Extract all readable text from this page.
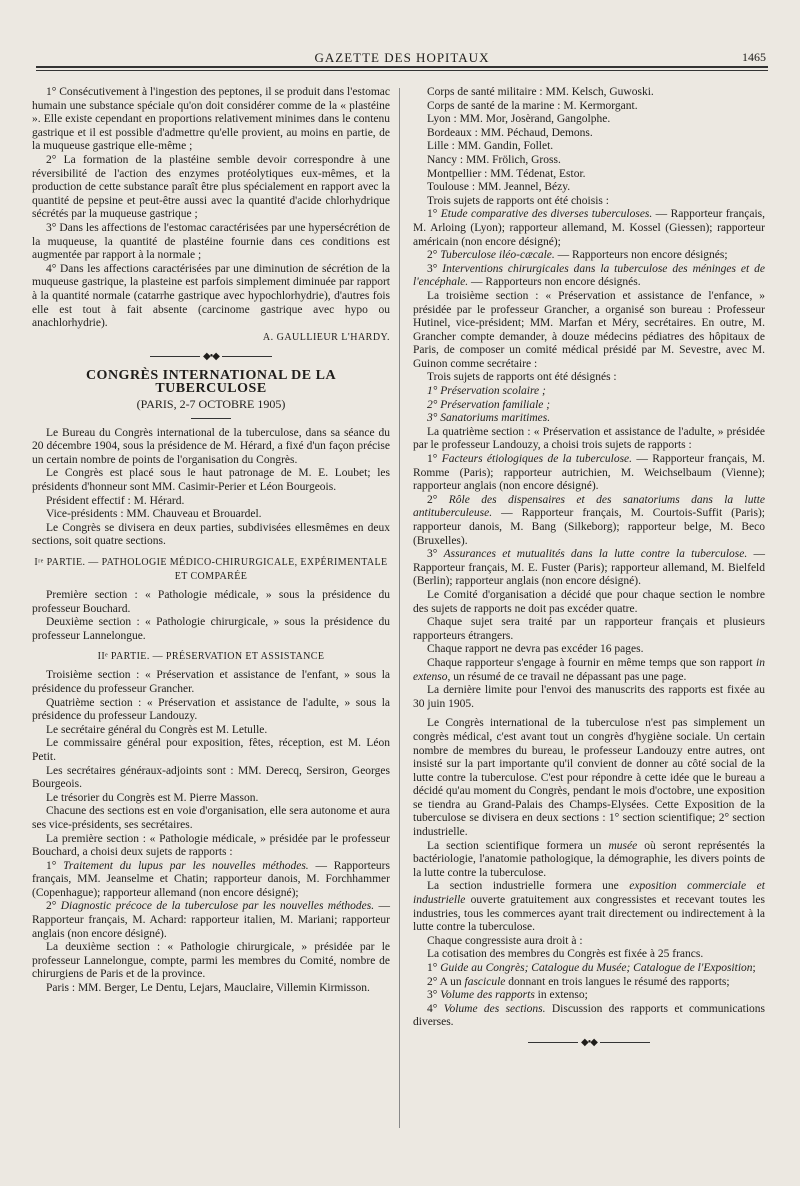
GAZETTE DES HOPITAUX	1465

1° Consécutivement à l'ingestion des peptones, il se produit dans l'estomac humain une substance spéciale qu'on doit considérer comme de la « plastéine ». Elle existe cependant en proportions relativement minimes dans le contenu gastrique et il est possible d'admettre qu'elle provient, au moins en partie, de la muqueuse gastrique elle-même ;

2° La formation de la plastéine semble devoir correspondre à une réversibilité de l'action des enzymes protéolytiques eux-mêmes, et la production de cette substance paraît être plus spécialement en rapport avec la quantité de pepsine et peut-être aussi avec la quantité d'acide chlorhydrique sécrétés par la muqueuse gastrique ;

3° Dans les affections de l'estomac caractérisées par une hypersécrétion de la muqueuse, la quantité de plastéine fournie dans ces conditions est augmentée par rapport à la normale ;

4° Dans les affections caractérisées par une diminution de sécrétion de la muqueuse gastrique, la plasteine est parfois simplement diminuée par rapport à la quantité normale (catarrhe gastrique avec hypochlorhydrie), d'autres fois elle est tout à fait absente (carcinome gastrique avec hypo ou anachlorhydrie).
A. GAULLIEUR L'HARDY.

◆•◆
CONGRÈS INTERNATIONAL DE LA TUBERCULOSE
(PARIS, 2-7 OCTOBRE 1905)

Le Bureau du Congrès international de la tuberculose, dans sa séance du 20 décembre 1904, sous la présidence de M. Hérard, a fixé d'un façon précise un certain nombre de points de l'organisation du Congrès.

Le Congrès est placé sous le haut patronage de M. E. Loubet; les présidents d'honneur sont MM. Casimir-Perier et Léon Bourgeois.

Président effectif : M. Hérard.

Vice-présidents : MM. Chauveau et Brouardel.

Le Congrès se divisera en deux parties, subdivisées ellesmêmes en deux sections, soit quatre sections.

Iʳᵉ PARTIE. — PATHOLOGIE MÉDICO-CHIRURGICALE, EXPÉRIMENTALE ET COMPARÉE

Première section : « Pathologie médicale, » sous la présidence du professeur Bouchard.

Deuxième section : « Pathologie chirurgicale, » sous la présidence du professeur Lannelongue.

IIᵉ PARTIE. — PRÉSERVATION ET ASSISTANCE

Troisième section : « Préservation et assistance de l'enfant, » sous la présidence du professeur Grancher.

Quatrième section : « Préservation et assistance de l'adulte, » sous la présidence du professeur Landouzy.

Le secrétaire général du Congrès est M. Letulle.

Le commissaire général pour exposition, fêtes, réception, est M. Léon Petit.

Les secrétaires généraux-adjoints sont : MM. Derecq, Sersiron, Georges Bourgeois.

Le trésorier du Congrès est M. Pierre Masson.

Chacune des sections est en voie d'organisation, elle sera autonome et aura ses vice-présidents, ses secrétaires.

La première section : « Pathologie médicale, » présidée par le professeur Bouchard, a choisi deux sujets de rapports :

1° Traitement du lupus par les nouvelles méthodes. — Rapporteurs français, MM. Jeanselme et Chatin; rapporteur danois, M. Forchhammer (Copenhague); rapporteur allemand (non encore désigné);

2° Diagnostic précoce de la tuberculose par les nouvelles méthodes. — Rapporteur français, M. Achard: rapporteur italien, M. Mariani; rapporteur anglais (non encore désigné).

La deuxième section : « Pathologie chirurgicale, » présidée par le professeur Lannelongue, compte, parmi les membres du Comité, nombre de chirurgiens de Paris et de la province.

Paris : MM. Berger, Le Dentu, Lejars, Mauclaire, Villemin Kirmisson.

Corps de santé militaire : MM. Kelsch, Guwoski.

Corps de santé de la marine : M. Kermorgant.

Lyon : MM. Mor, Josèrand, Gangolphe.

Bordeaux : MM. Péchaud, Demons.

Lille : MM. Gandin, Follet.

Nancy : MM. Frölich, Gross.

Montpellier : MM. Tédenat, Estor.

Toulouse : MM. Jeannel, Bézy.

Trois sujets de rapports ont été choisis :

1° Etude comparative des diverses tuberculoses. — Rapporteur français, M. Arloing (Lyon); rapporteur allemand, M. Kossel (Giessen); rapporteur américain (non encore désigné);

2° Tuberculose iléo-cæcale. — Rapporteurs non encore désignés;

3° Interventions chirurgicales dans la tuberculose des méninges et de l'encéphale. — Rapporteurs non encore désignés.

La troisième section : « Préservation et assistance de l'enfance, » présidée par le professeur Grancher, a organisé son bureau : Professeur Hutinel, vice-président; MM. Marfan et Méry, secrétaires. En outre, M. Grancher compte demander, à douze médecins pédiatres des hôpitaux de Paris, de composer un comité médical présidé par M. Sevestre, avec M. Guinon comme secrétaire :

Trois sujets de rapports ont été désignés :

1° Préservation scolaire ;

2° Préservation familiale ;

3° Sanatoriums maritimes.

La quatrième section : « Préservation et assistance de l'adulte, » présidée par le professeur Landouzy, a choisi trois sujets de rapports :

1° Facteurs étiologiques de la tuberculose. — Rapporteur français, M. Romme (Paris); rapporteur autrichien, M. Weichselbaum (Vienne); rapporteur anglais (non encore désigné).

2° Rôle des dispensaires et des sanatoriums dans la lutte antituberculeuse. — Rapporteur français, M. Courtois-Suffit (Paris); rapporteur danois, M. Bang (Silkeborg); rapporteur belge, M. Beco (Bruxelles).

3° Assurances et mutualités dans la lutte contre la tuberculose. — Rapporteur français, M. E. Fuster (Paris); rapporteur allemand, M. Bielfeld (Berlin); rapporteur anglais (non encore désigné).

Le Comité d'organisation a décidé que pour chaque section le nombre des sujets de rapports ne doit pas excéder quatre.

Chaque sujet sera traité par un rapporteur français et plusieurs rapporteurs étrangers.

Chaque rapport ne devra pas excéder 16 pages.

Chaque rapporteur s'engage à fournir en même temps que son rapport in extenso, un résumé de ce travail ne dépassant pas une page.

La dernière limite pour l'envoi des manuscrits des rapports est fixée au 30 juin 1905.

Le Congrès international de la tuberculose n'est pas simplement un congrès médical, c'est avant tout un congrès d'hygiène sociale. Un certain nombre de membres du bureau, le professeur Landouzy entre autres, ont insisté sur la part importante qu'il convient de donner au côté social de la lutte contre la tuberculose. C'est pour répondre à cette idée que le bureau a décidé qu'au moment du Congrès, pendant le mois d'octobre, une exposition se tiendra au Grand-Palais des Champs-Elysées. Cette Exposition de la tuberculose se divisera en deux sections : 1° section scientifique; 2° section industrielle.

La section scientifique formera un musée où seront représentés la bactériologie, l'anatomie pathologique, la démographie, les divers points de la lutte contre la tuberculose.

La section industrielle formera une exposition commerciale et industrielle ouverte gratuitement aux congressistes et recevant toutes les industries, tous les commerces ayant trait directement ou indirectement à la lutte contre la tuberculose.

Chaque congressiste aura droit à :

La cotisation des membres du Congrès est fixée à 25 francs.

1° Guide au Congrès; Catalogue du Musée; Catalogue de l'Exposition;

2° A un fascicule donnant en trois langues le résumé des rapports;

3° Volume des rapports in extenso;

4° Volume des sections. Discussion des rapports et communications diverses.

◆•◆
